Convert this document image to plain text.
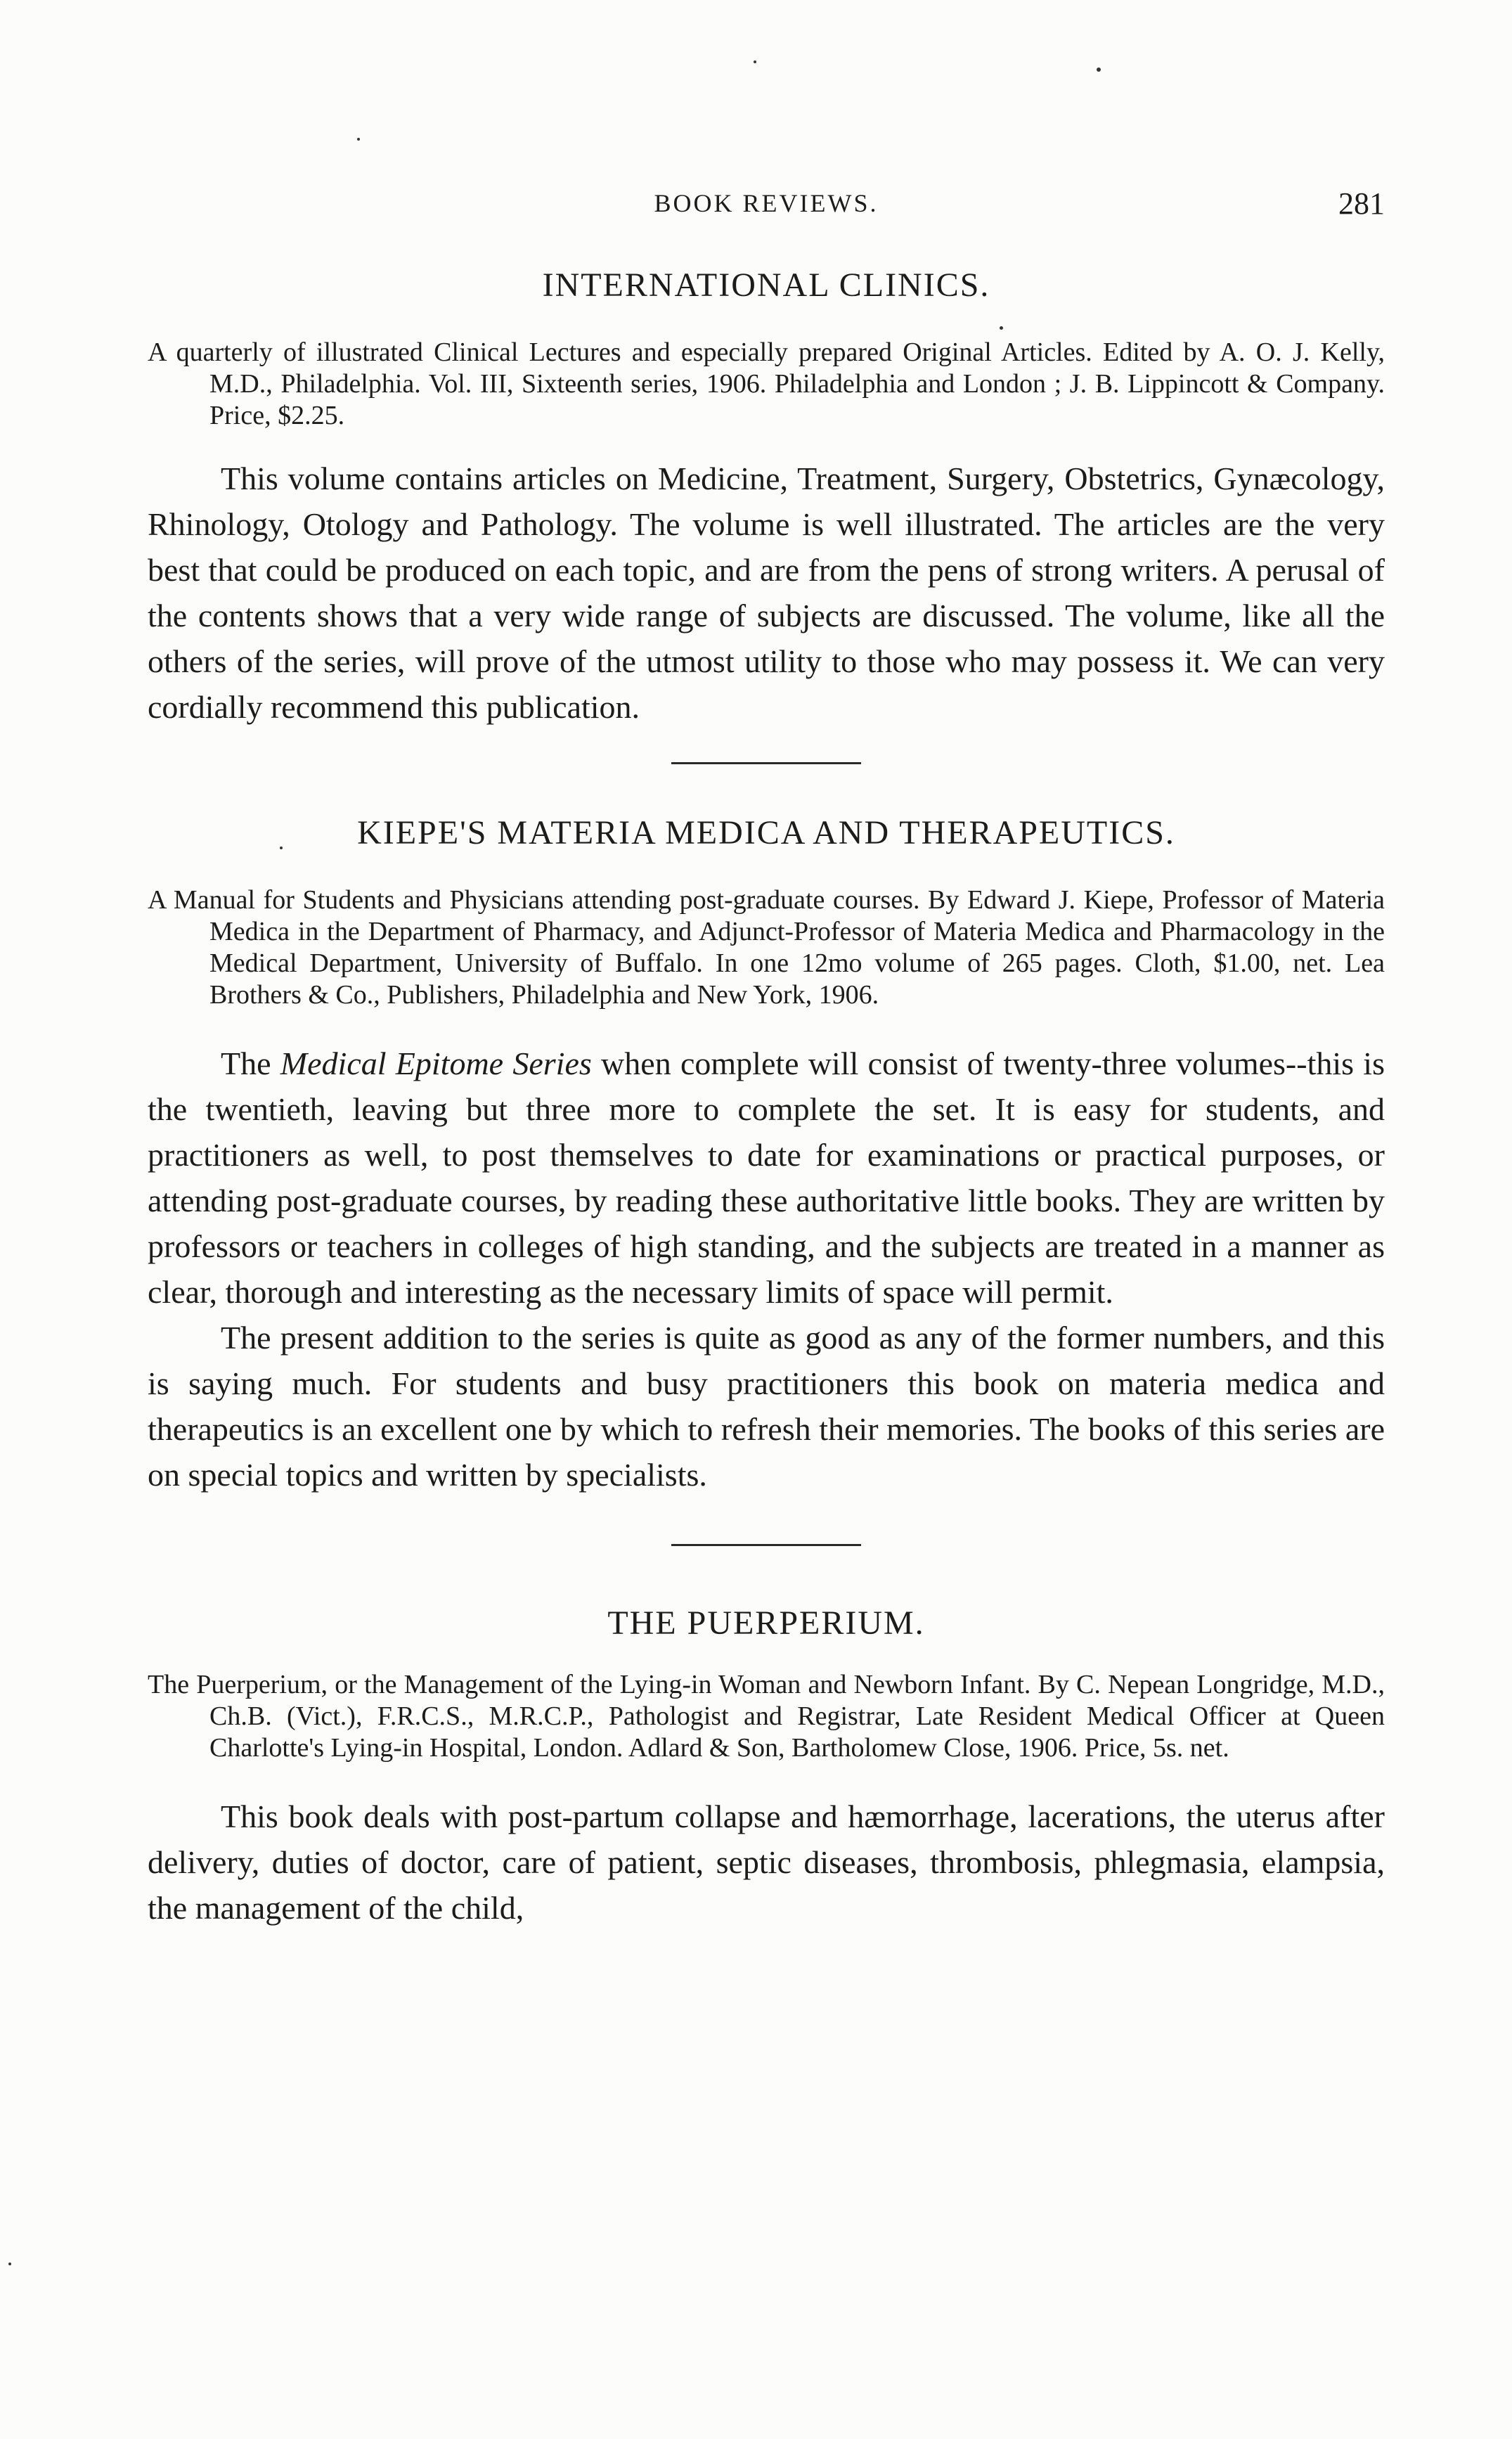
BOOK REVIEWS.	281
INTERNATIONAL CLINICS.

A quarterly of illustrated Clinical Lectures and especially prepared Original Articles. Edited by A. O. J. Kelly, M.D., Philadelphia. Vol. III, Sixteenth series, 1906. Philadelphia and London ; J. B. Lippincott & Company. Price, $2.25.

This volume contains articles on Medicine, Treatment, Surgery, Obstetrics, Gynæcology, Rhinology, Otology and Pathology. The volume is well illustrated. The articles are the very best that could be produced on each topic, and are from the pens of strong writers. A perusal of the contents shows that a very wide range of subjects are discussed. The volume, like all the others of the series, will prove of the utmost utility to those who may possess it. We can very cordially recommend this publication.

KIEPE'S MATERIA MEDICA AND THERAPEUTICS.

A Manual for Students and Physicians attending post-graduate courses. By Edward J. Kiepe, Professor of Materia Medica in the Department of Pharmacy, and Adjunct-Professor of Materia Medica and Pharmacology in the Medical Department, University of Buffalo. In one 12mo volume of 265 pages. Cloth, $1.00, net. Lea Brothers & Co., Publishers, Philadelphia and New York, 1906.

The Medical Epitome Series when complete will consist of twenty-three volumes--this is the twentieth, leaving but three more to complete the set. It is easy for students, and practitioners as well, to post themselves to date for examinations or practical purposes, or attending post-graduate courses, by reading these authoritative little books. They are written by professors or teachers in colleges of high standing, and the subjects are treated in a manner as clear, thorough and interesting as the necessary limits of space will permit.

The present addition to the series is quite as good as any of the former numbers, and this is saying much. For students and busy practitioners this book on materia medica and therapeutics is an excellent one by which to refresh their memories. The books of this series are on special topics and written by specialists.

THE PUERPERIUM.

The Puerperium, or the Management of the Lying-in Woman and Newborn Infant. By C. Nepean Longridge, M.D., Ch.B. (Vict.), F.R.C.S., M.R.C.P., Pathologist and Registrar, Late Resident Medical Officer at Queen Charlotte's Lying-in Hospital, London. Adlard & Son, Bartholomew Close, 1906. Price, 5s. net.

This book deals with post-partum collapse and hæmorrhage, lacerations, the uterus after delivery, duties of doctor, care of patient, septic diseases, thrombosis, phlegmasia, elampsia, the management of the child,
